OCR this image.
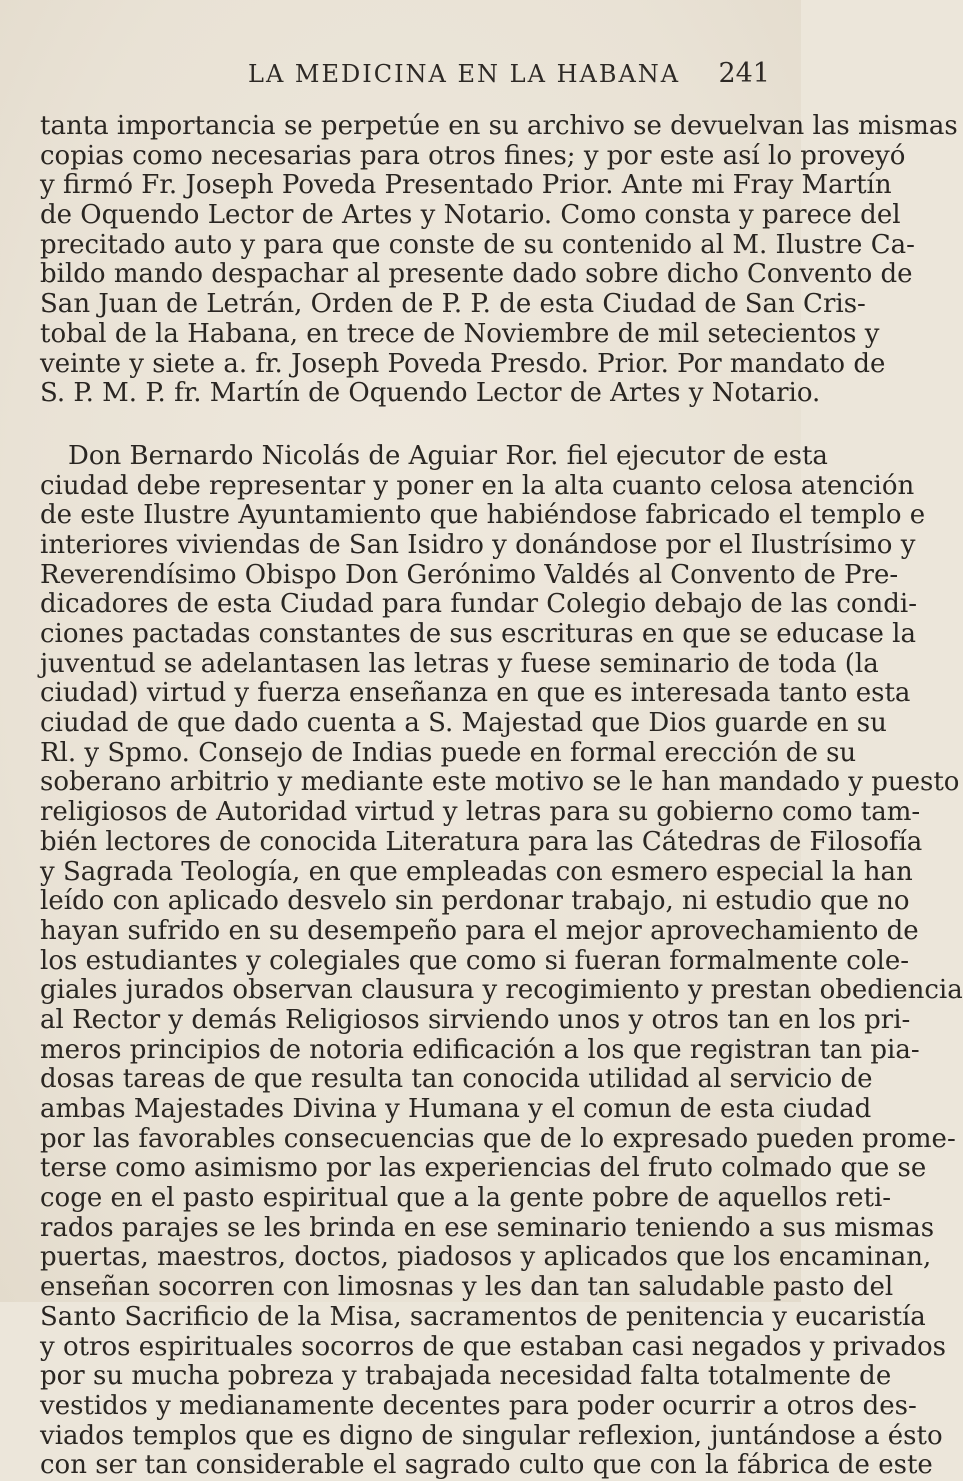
LA MEDICINA EN LA HABANA 241
tanta importancia se perpetúe en su archivo se devuelvan las mismas
copias como necesarias para otros fines; y por este así lo proveyó
y firmó Fr. Joseph Poveda Presentado Prior. Ante mi Fray Martín
de Oquendo Lector de Artes y Notario. Como consta y parece del
precitado auto y para que conste de su contenido al M. Ilustre Ca-
bildo mando despachar al presente dado sobre dicho Convento de
San Juan de Letrán, Orden de P. P. de esta Ciudad de San Cris-
tobal de la Habana, en trece de Noviembre de mil setecientos y
veinte y siete a. fr. Joseph Poveda Presdo. Prior. Por mandato de
S. P. M. P. fr. Martín de Oquendo Lector de Artes y Notario.
Don Bernardo Nicolás de Aguiar Ror. fiel ejecutor de esta
ciudad debe representar y poner en la alta cuanto celosa atención
de este Ilustre Ayuntamiento que habiéndose fabricado el templo e
interiores viviendas de San Isidro y donándose por el Ilustrísimo y
Reverendísimo Obispo Don Gerónimo Valdés al Convento de Pre-
dicadores de esta Ciudad para fundar Colegio debajo de las condi-
ciones pactadas constantes de sus escrituras en que se educase la
juventud se adelantasen las letras y fuese seminario de toda (la
ciudad) virtud y fuerza enseñanza en que es interesada tanto esta
ciudad de que dado cuenta a S. Majestad que Dios guarde en su
Rl. y Spmo. Consejo de Indias puede en formal erección de su
soberano arbitrio y mediante este motivo se le han mandado y puesto
religiosos de Autoridad virtud y letras para su gobierno como tam-
bién lectores de conocida Literatura para las Cátedras de Filosofía
y Sagrada Teología, en que empleadas con esmero especial la han
leído con aplicado desvelo sin perdonar trabajo, ni estudio que no
hayan sufrido en su desempeño para el mejor aprovechamiento de
los estudiantes y colegiales que como si fueran formalmente cole-
giales jurados observan clausura y recogimiento y prestan obediencia
al Rector y demás Religiosos sirviendo unos y otros tan en los pri-
meros principios de notoria edificación a los que registran tan pia-
dosas tareas de que resulta tan conocida utilidad al servicio de
ambas Majestades Divina y Humana y el comun de esta ciudad
por las favorables consecuencias que de lo expresado pueden prome-
terse como asimismo por las experiencias del fruto colmado que se
coge en el pasto espiritual que a la gente pobre de aquellos reti-
rados parajes se les brinda en ese seminario teniendo a sus mismas
puertas, maestros, doctos, piadosos y aplicados que los encaminan,
enseñan socorren con limosnas y les dan tan saludable pasto del
Santo Sacrificio de la Misa, sacramentos de penitencia y eucaristía
y otros espirituales socorros de que estaban casi negados y privados
por su mucha pobreza y trabajada necesidad falta totalmente de
vestidos y medianamente decentes para poder ocurrir a otros des-
viados templos que es digno de singular reflexion, juntándose a ésto
con ser tan considerable el sagrado culto que con la fábrica de este
